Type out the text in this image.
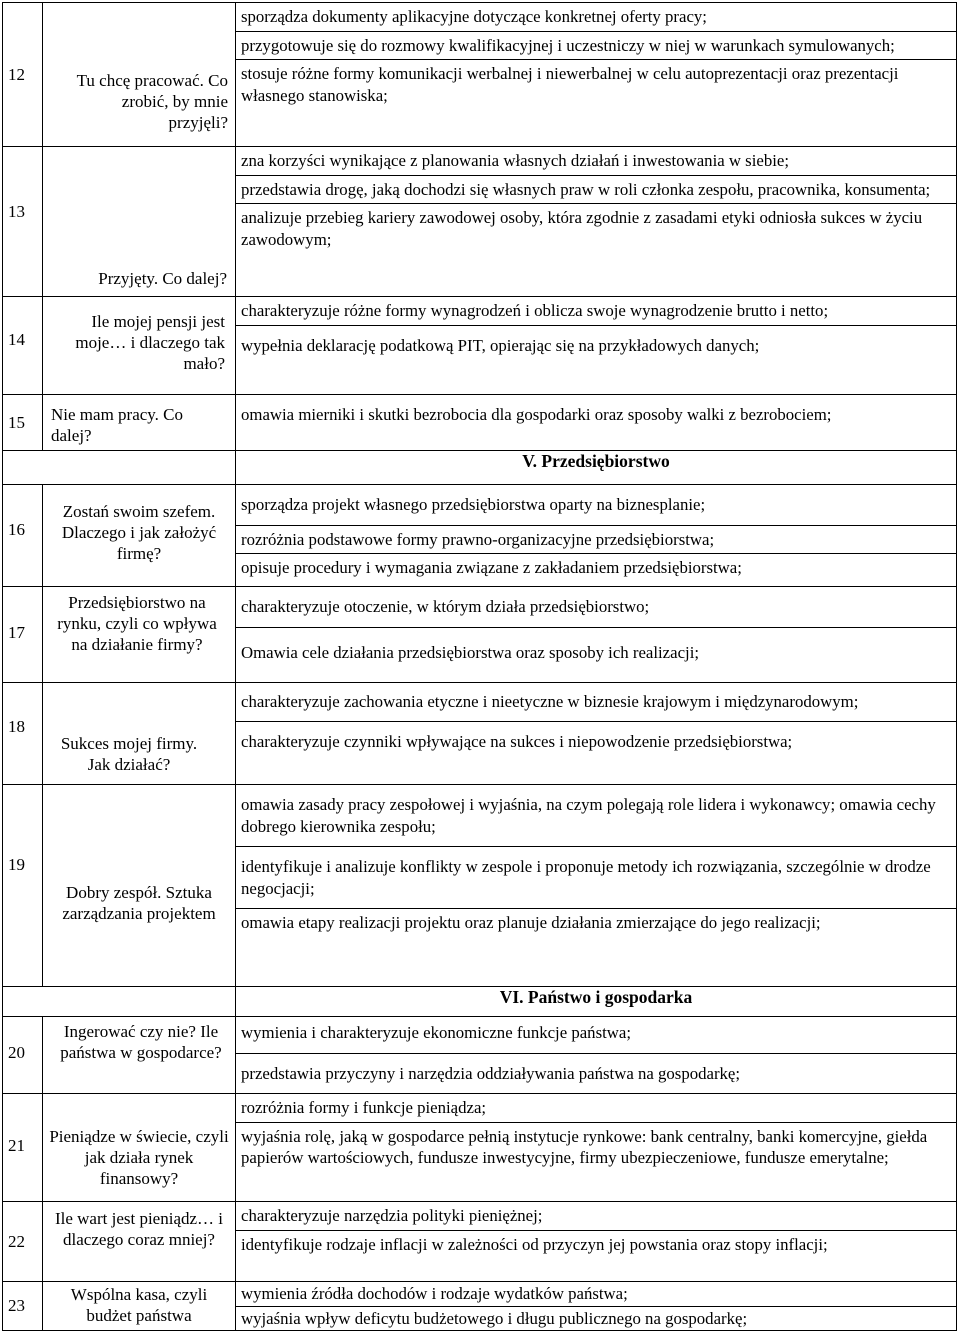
12	Tu chcę pracować. Co zrobić, by mnie przyjęli?	sporządza dokumenty aplikacyjne dotyczące konkretnej oferty pracy;
przygotowuje się do rozmowy kwalifikacyjnej i uczestniczy w niej w warunkach symulowanych;
stosuje różne formy komunikacji werbalnej i niewerbalnej w celu autoprezentacji oraz prezentacji własnego stanowiska;

13	Przyjęty. Co dalej?	zna korzyści wynikające z planowania własnych działań i inwestowania w siebie;
przedstawia drogę, jaką dochodzi się własnych praw w roli członka zespołu, pracownika, konsumenta;
analizuje przebieg kariery zawodowej osoby, która zgodnie z zasadami etyki odniosła sukces w życiu zawodowym;

14	Ile mojej pensji jest moje… i dlaczego tak mało?	charakteryzuje różne formy wynagrodzeń i oblicza swoje wynagrodzenie brutto i netto;
wypełnia deklarację podatkową PIT, opierając się na przykładowych danych;

15	Nie mam pracy. Co dalej?	omawia mierniki i skutki bezrobocia dla gospodarki oraz sposoby walki z bezrobociem;

		V. Przedsiębiorstwo

16	Zostań swoim szefem. Dlaczego i jak założyć firmę?	sporządza projekt własnego przedsiębiorstwa oparty na biznesplanie;
rozróżnia podstawowe formy prawno-organizacyjne przedsiębiorstwa;
opisuje procedury i wymagania związane z zakładaniem przedsiębiorstwa;

17	Przedsiębiorstwo na rynku, czyli co wpływa na działanie firmy?	charakteryzuje otoczenie, w którym działa przedsiębiorstwo;
Omawia cele działania przedsiębiorstwa oraz sposoby ich realizacji;

18	Sukces mojej firmy. Jak działać?	charakteryzuje zachowania etyczne i nieetyczne w biznesie krajowym i międzynarodowym;
charakteryzuje czynniki wpływające na sukces i niepowodzenie przedsiębiorstwa;

19	Dobry zespół. Sztuka zarządzania projektem	omawia zasady pracy zespołowej i wyjaśnia, na czym polegają role lidera i wykonawcy; omawia cechy dobrego kierownika zespołu;
identyfikuje i analizuje konflikty w zespole i proponuje metody ich rozwiązania, szczególnie w drodze negocjacji;
omawia etapy realizacji projektu oraz planuje działania zmierzające do jego realizacji;

		VI. Państwo i gospodarka

20	Ingerować czy nie? Ile państwa w gospodarce?	wymienia i charakteryzuje ekonomiczne funkcje państwa;
przedstawia przyczyny i narzędzia oddziaływania państwa na gospodarkę;

21	Pieniądze w świecie, czyli jak działa rynek finansowy?	rozróżnia formy i funkcje pieniądza;
wyjaśnia rolę, jaką w gospodarce pełnią instytucje rynkowe: bank centralny, banki komercyjne, giełda papierów wartościowych, fundusze inwestycyjne, firmy ubezpieczeniowe, fundusze emerytalne;

22	Ile wart jest pieniądz… i dlaczego coraz mniej?	charakteryzuje narzędzia polityki pieniężnej;
identyfikuje rodzaje inflacji w zależności od przyczyn jej powstania oraz stopy inflacji;

23	Wspólna kasa, czyli budżet państwa	wymienia źródła dochodów i rodzaje wydatków państwa;
wyjaśnia wpływ deficytu budżetowego i długu publicznego na gospodarkę;
